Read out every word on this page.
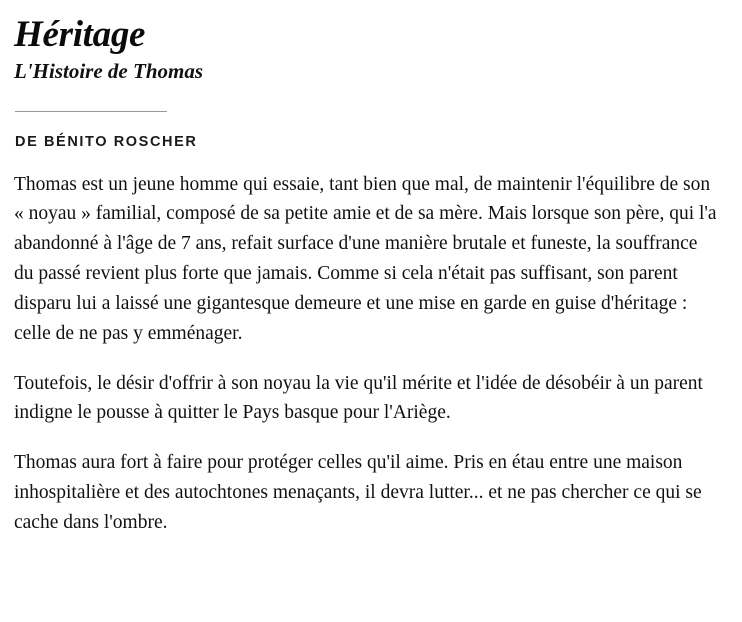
Héritage
L'Histoire de Thomas
DE BÉNITO ROSCHER

Thomas est un jeune homme qui essaie, tant bien que mal, de maintenir l'équilibre de son « noyau » familial, composé de sa petite amie et de sa mère. Mais lorsque son père, qui l'a abandonné à l'âge de 7 ans, refait surface d'une manière brutale et funeste, la souffrance du passé revient plus forte que jamais. Comme si cela n'était pas suffisant, son parent disparu lui a laissé une gigantesque demeure et une mise en garde en guise d'héritage : celle de ne pas y emménager.

Toutefois, le désir d'offrir à son noyau la vie qu'il mérite et l'idée de désobéir à un parent indigne le pousse à quitter le Pays basque pour l'Ariège.

Thomas aura fort à faire pour protéger celles qu'il aime. Pris en étau entre une maison inhospitalière et des autochtones menaçants, il devra lutter... et ne pas chercher ce qui se cache dans l'ombre.
